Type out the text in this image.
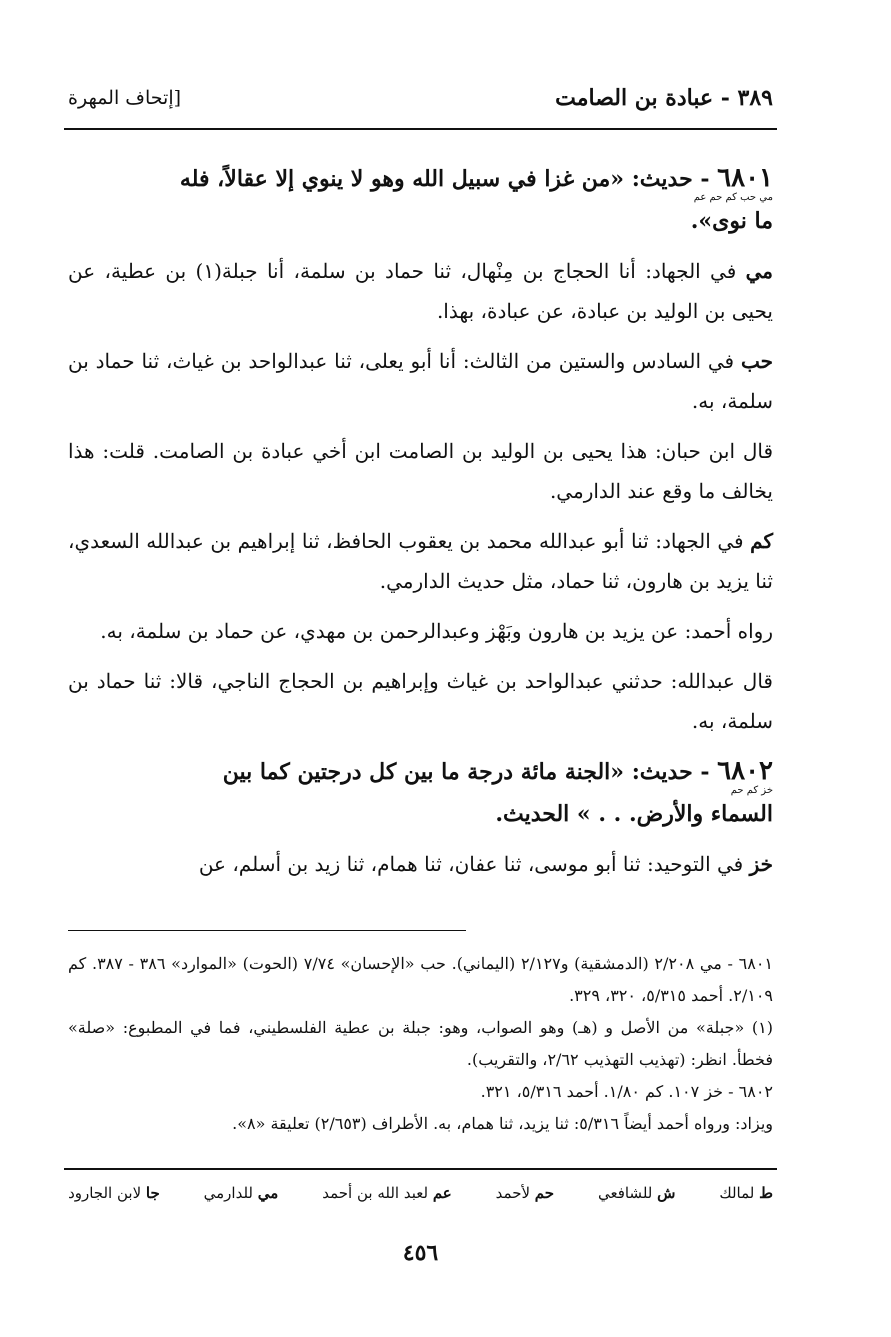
٣٨٩ - عبادة بن الصامت
[إتحاف المهرة

٦٨٠١ - حديث: «من غزا في سبيل الله وهو لا ينوي إلا عقالاً، فله
مي حب كم حم عم
ما نوى».

مي في الجهاد: أنا الحجاج بن مِنْهال، ثنا حماد بن سلمة، أنا جبلة(١) بن عطية، عن يحيى بن الوليد بن عبادة، عن عبادة، بهذا.

حب في السادس والستين من الثالث: أنا أبو يعلى، ثنا عبدالواحد بن غياث، ثنا حماد بن سلمة، به.

قال ابن حبان: هذا يحيى بن الوليد بن الصامت ابن أخي عبادة بن الصامت. قلت: هذا يخالف ما وقع عند الدارمي.

كم في الجهاد: ثنا أبو عبدالله محمد بن يعقوب الحافظ، ثنا إبراهيم بن عبدالله السعدي، ثنا يزيد بن هارون، ثنا حماد، مثل حديث الدارمي.

رواه أحمد: عن يزيد بن هارون وبَهْز وعبدالرحمن بن مهدي، عن حماد بن سلمة، به.

قال عبدالله: حدثني عبدالواحد بن غياث وإبراهيم بن الحجاج الناجي، قالا: ثنا حماد بن سلمة، به.

٦٨٠٢ - حديث: «الجنة مائة درجة ما بين كل درجتين كما بين
خز كم حم
السماء والأرض. . . » الحديث.

خز في التوحيد: ثنا أبو موسى، ثنا عفان، ثنا همام، ثنا زيد بن أسلم، عن

٦٨٠١ - مي ٢/٢٠٨ (الدمشقية) و٢/١٢٧ (اليماني). حب «الإحسان» ٧/٧٤ (الحوت) «الموارد» ٣٨٦ - ٣٨٧. كم ٢/١٠٩. أحمد ٥/٣١٥، ٣٢٠، ٣٢٩.

(١) «جبلة» من الأصل و (هـ) وهو الصواب، وهو: جبلة بن عطية الفلسطيني، فما في المطبوع: «صلة» فخطأ. انظر: (تهذيب التهذيب ٢/٦٢، والتقريب).

٦٨٠٢ - خز ١٠٧. كم ١/٨٠. أحمد ٥/٣١٦، ٣٢١.

ويزاد: ورواه أحمد أيضاً ٥/٣١٦: ثنا يزيد، ثنا همام، به. الأطراف (٢/٦٥٣) تعليقة «٨».

ط لمالك
ش للشافعي
حم لأحمد
عم لعبد الله بن أحمد
مي للدارمي
جا لابن الجارود
٤٥٦
